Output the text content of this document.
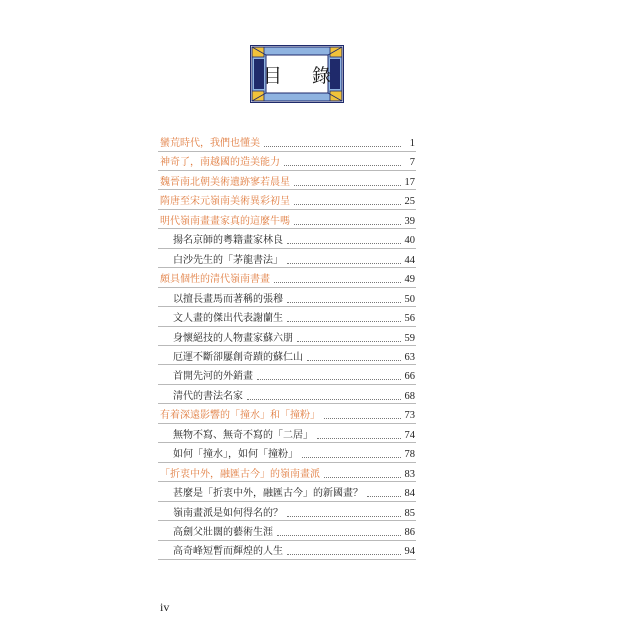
目 錄
蠻荒時代，我們也懂美	1
神奇了，南越國的造美能力	7
魏晉南北朝美術遺跡寥若晨星	17
隋唐至宋元嶺南美術異彩初呈	25
明代嶺南畫畫家真的這麼牛嗎	39
揚名京師的粵籍畫家林良	40
白沙先生的「茅龍書法」	44
頗具個性的清代嶺南書畫	49
以擅長畫馬而著稱的張穆	50
文人畫的傑出代表謝蘭生	56
身懷絕技的人物畫家蘇六朋	59
厄運不斷卻屢創奇蹟的蘇仁山	63
首開先河的外銷畫	66
清代的書法名家	68
有着深遠影響的「撞水」和「撞粉」	73
無物不寫、無奇不寫的「二居」	74
如何「撞水」，如何「撞粉」	78
「折衷中外，融匯古今」的嶺南畫派	83
甚麼是「折衷中外，融匯古今」的新國畫？	84
嶺南畫派是如何得名的？	85
高劍父壯闊的藝術生涯	86
高奇峰短暫而輝煌的人生	94
iv
